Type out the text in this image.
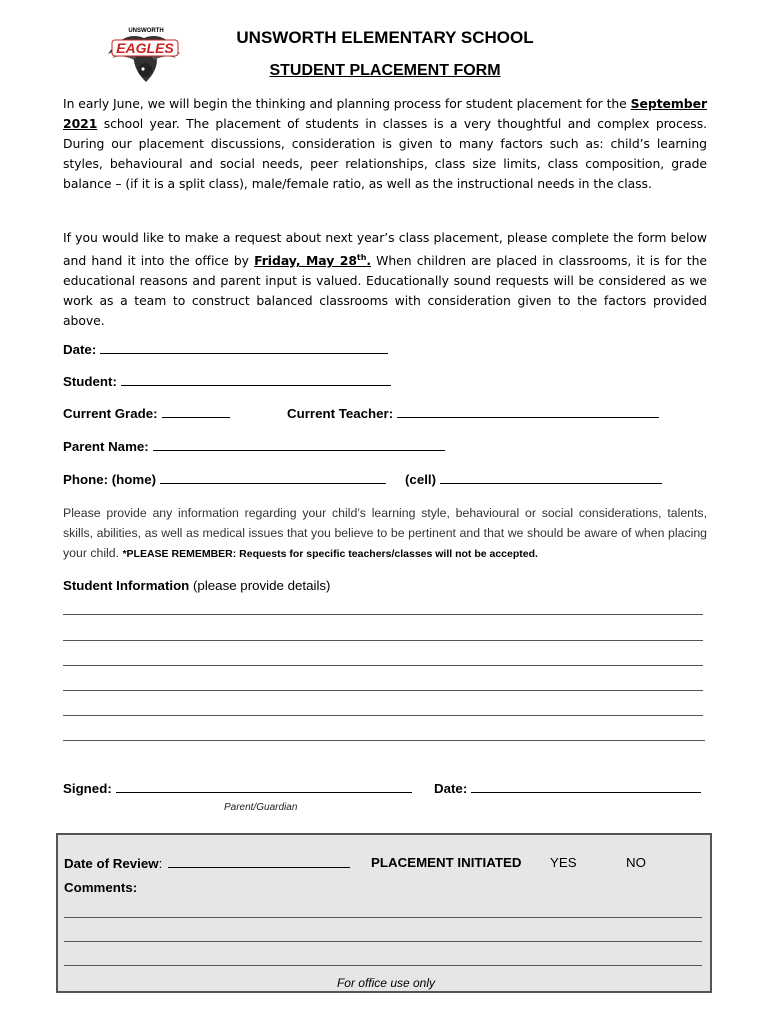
UNSWORTH
EAGLES
UNSWORTH ELEMENTARY SCHOOL
STUDENT PLACEMENT FORM
In early June, we will begin the thinking and planning process for student placement for the September 2021 school year. The placement of students in classes is a very thoughtful and complex process. During our placement discussions, consideration is given to many factors such as: child’s learning styles, behavioural and social needs, peer relationships, class size limits, class composition, grade balance – (if it is a split class), male/female ratio, as well as the instructional needs in the class.
If you would like to make a request about next year’s class placement, please complete the form below and hand it into the office by Friday, May 28th. When children are placed in classrooms, it is for the educational reasons and parent input is valued. Educationally sound requests will be considered as we work as a team to construct balanced classrooms with consideration given to the factors provided above.
Date:
Student:
Current Grade:	Current Teacher:
Parent Name:
Phone: (home)	(cell)
Please provide any information regarding your child’s learning style, behavioural or social considerations, talents, skills, abilities, as well as medical issues that you believe to be pertinent and that we should be aware of when placing your child. *PLEASE REMEMBER: Requests for specific teachers/classes will not be accepted.
Student Information (please provide details)
Signed:	Date:
Parent/Guardian
Date of Review:	PLACEMENT INITIATED YES	NO
Comments:
For office use only
